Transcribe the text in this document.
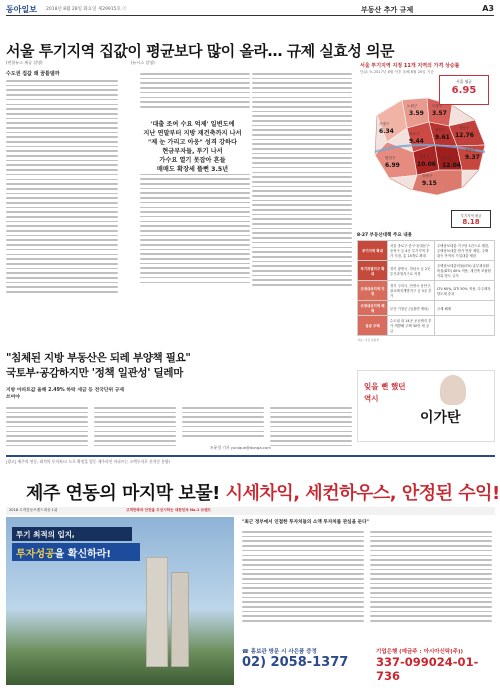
동아일보 2018년 8월 28일 화요일 제29915호 ⓒ	부동산 추가 규제	A3
서울 투기지역 집값이 평균보다 많이 올라… 규제 실효성 의문
(연합뉴스 제공 설명)	(뉴시스 설명)
수도권 집값 왜 꿈틀댈까
'대출 조여 수요 억제' 일변도에
지난 연말부터 지방 재건축까지 나서
"제 눈 가리고 아웅" 성격 강하다
현금부자들, 투기 나서
가수요 열기 못잡아 흔들
매매도 확장세 뜰뻔 3.5년
서울 투기지역 지정 11개 지역의 가격 상승률
단위: % 2017년 8월 이후 올해 8월 20일 기준
서울 평균
6.95
노원구
3.59
도봉구
3.57
은평구
6.34	마포구
9.44
용산구
9.61
서초구
10.06
송파구
12.04
강남구
9.15
강동구
9.37
성동구
12.76
양천구
6.99
투기지역 평균
8.18
8·27 부동산대책 주요 내용
투기지역 확대	서울 종로구·중구·동대문구·동작구 등 4곳 투기지역 추가 지정, 총 15개로 확대	주택담보대출 가구당 1건으로 제한, 주택담보대출 만기 연장 제한, 주택 취득 목적의 기업대출 제한
투기과열지구 확대	경기 광명시, 하남시 등 2곳 투기과열지구로 지정	주택담보대출비율(LTV)·총부채상환비율(DTI) 40% 적용, 재건축 조합원 지위 양도 금지
조정대상지역 지정	경기 구리시, 안양시 동안구, 광교택지개발지구 등 3곳 추가	LTV 60%, DTI 50% 적용, 다주택자 양도세 중과
조정대상지역 해제	부산 기장군 (일광면 제외)	규제 해제
공공 주택	수도권 내 14곳 공공택지 추가 개발해 주택 30만 채 공급	
자료: 국토교통부
잊을 뻔 했던
역시
이가탄
"침체된 지방 부동산은 되레 부양책 필요"
국토부·공감하지만 '정책 일관성' 딜레마
지방 아파트값 올해 2.49% 하락 세금 등 전국단위 규제 쓰여야
조윤경 기자 yunique@donga.com
[광고] 제주의 연동, 최적의 투자처!!! 도로 확정을 앞둔 제주라인 아파트는 소액투자로 선착순 분양!
제주 연동의 마지막 보물! 시세차익, 세컨하우스, 안정된 수익!
2018 고객감동브랜드대상 1위	고객만족과 안전을 우선시하는 대한민국 No.1 브랜드
투기 최적의 입지,
투자성공을 확신하라!
"최근 정부에서 인접한 투자처들의 소액 투자처를 관심을 둔다"
☎ 홍보관 방문 시 사은품 증정
02) 2058-1377
기업은행 (예금주 : 아시아신탁(주))
337-099024-01-736
